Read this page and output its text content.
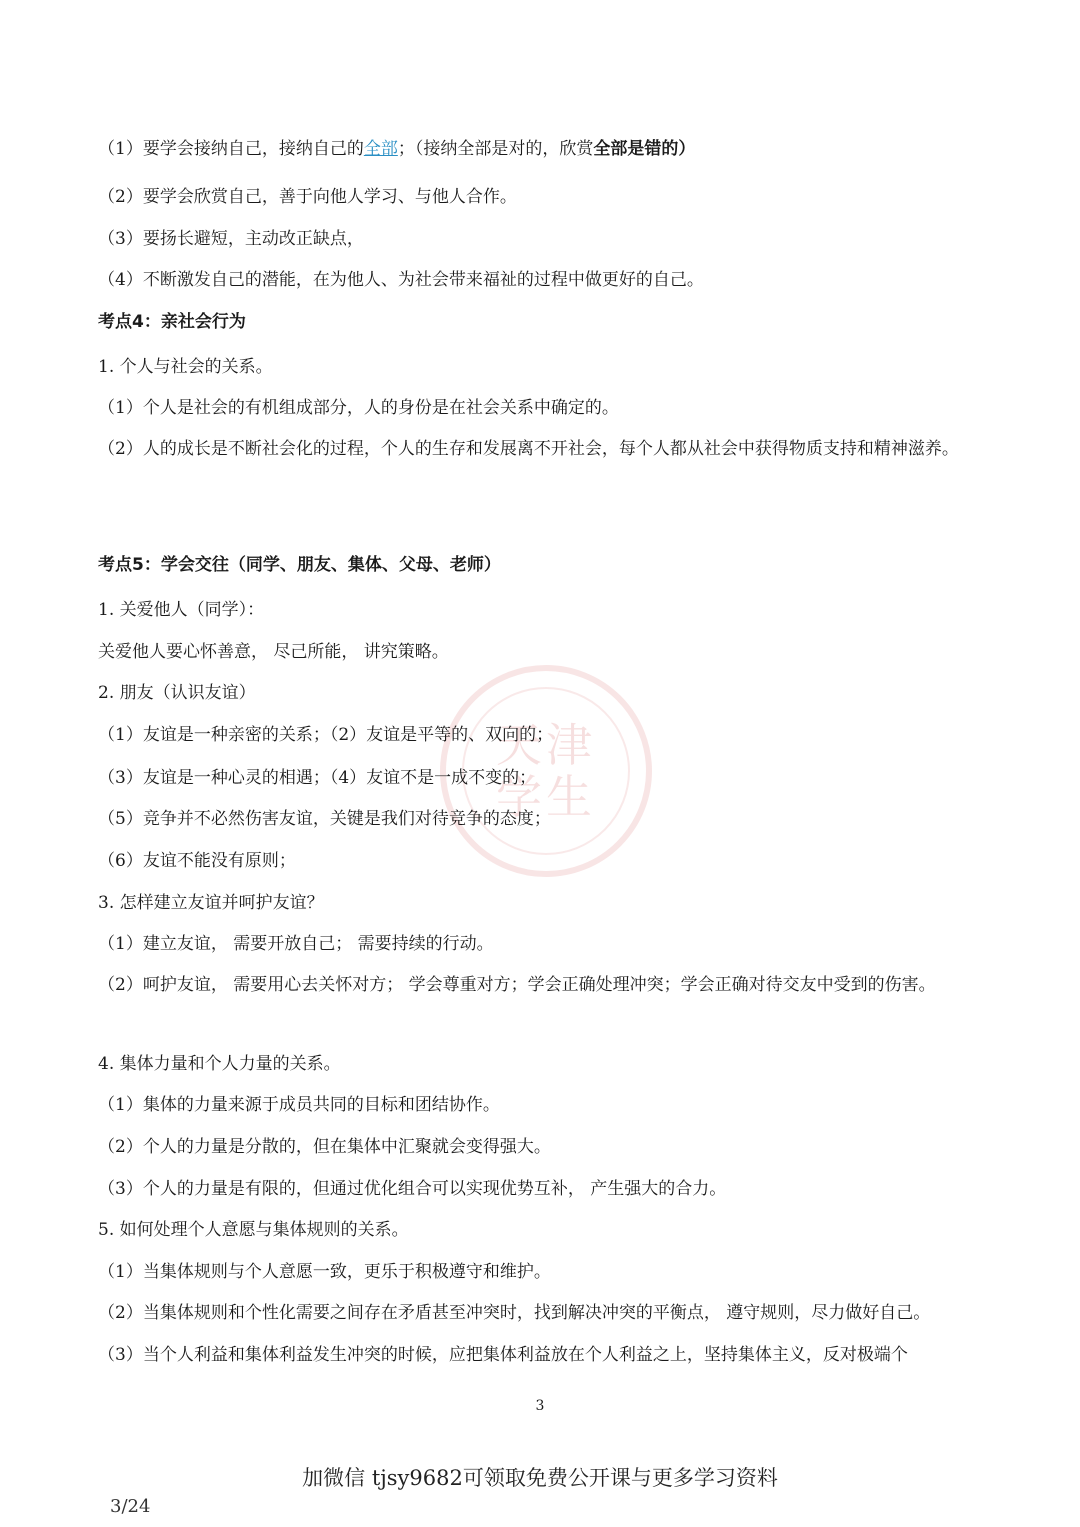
天津
学生
（1）要学会接纳自己，接纳自己的全部；（接纳全部是对的，欣赏全部是错的）
（2）要学会欣赏自己，善于向他人学习、与他人合作。
（3）要扬长避短，主动改正缺点，
（4）不断激发自己的潜能，在为他人、为社会带来福祉的过程中做更好的自己。
考点4：亲社会行为
1. 个人与社会的关系。
（1）个人是社会的有机组成部分，人的身份是在社会关系中确定的。
（2）人的成长是不断社会化的过程，个人的生存和发展离不开社会，每个人都从社会中获得物质支持和精神滋养。
考点5：学会交往（同学、朋友、集体、父母、老师）
1. 关爱他人（同学）：
关爱他人要心怀善意， 尽己所能， 讲究策略。
2. 朋友（认识友谊）
（1）友谊是一种亲密的关系；（2）友谊是平等的、双向的；
（3）友谊是一种心灵的相遇；（4）友谊不是一成不变的；
（5）竞争并不必然伤害友谊，关键是我们对待竞争的态度；
（6）友谊不能没有原则；
3. 怎样建立友谊并呵护友谊？
（1）建立友谊， 需要开放自己； 需要持续的行动。
（2）呵护友谊， 需要用心去关怀对方； 学会尊重对方；学会正确处理冲突；学会正确对待交友中受到的伤害。
4. 集体力量和个人力量的关系。
（1）集体的力量来源于成员共同的目标和团结协作。
（2）个人的力量是分散的，但在集体中汇聚就会变得强大。
（3）个人的力量是有限的，但通过优化组合可以实现优势互补， 产生强大的合力。
5. 如何处理个人意愿与集体规则的关系。
（1）当集体规则与个人意愿一致，更乐于积极遵守和维护。
（2）当集体规则和个性化需要之间存在矛盾甚至冲突时，找到解决冲突的平衡点， 遵守规则，尽力做好自己。
（3）当个人利益和集体利益发生冲突的时候，应把集体利益放在个人利益之上，坚持集体主义，反对极端个
3
加微信 tjsy9682可领取免费公开课与更多学习资料
3/24
